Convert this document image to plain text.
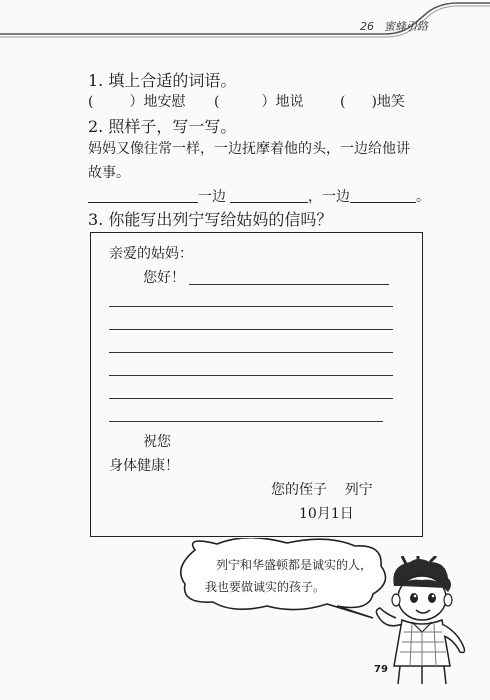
26 蜜蜂引路
1. 填上合适的词语。
(	）地安慰 (	）地说	( )地笑
2. 照样子，写一写。
妈妈又像往常一样，一边抚摩着他的头，一边给他讲
故事。
一边	，一边	。
3. 你能写出列宁写给姑妈的信吗？
亲爱的姑妈：
您好！
祝您
身体健康！
您的侄子    列宁
10月1日
列宁和华盛顿都是诚实的人，
我也要做诚实的孩子。
79
